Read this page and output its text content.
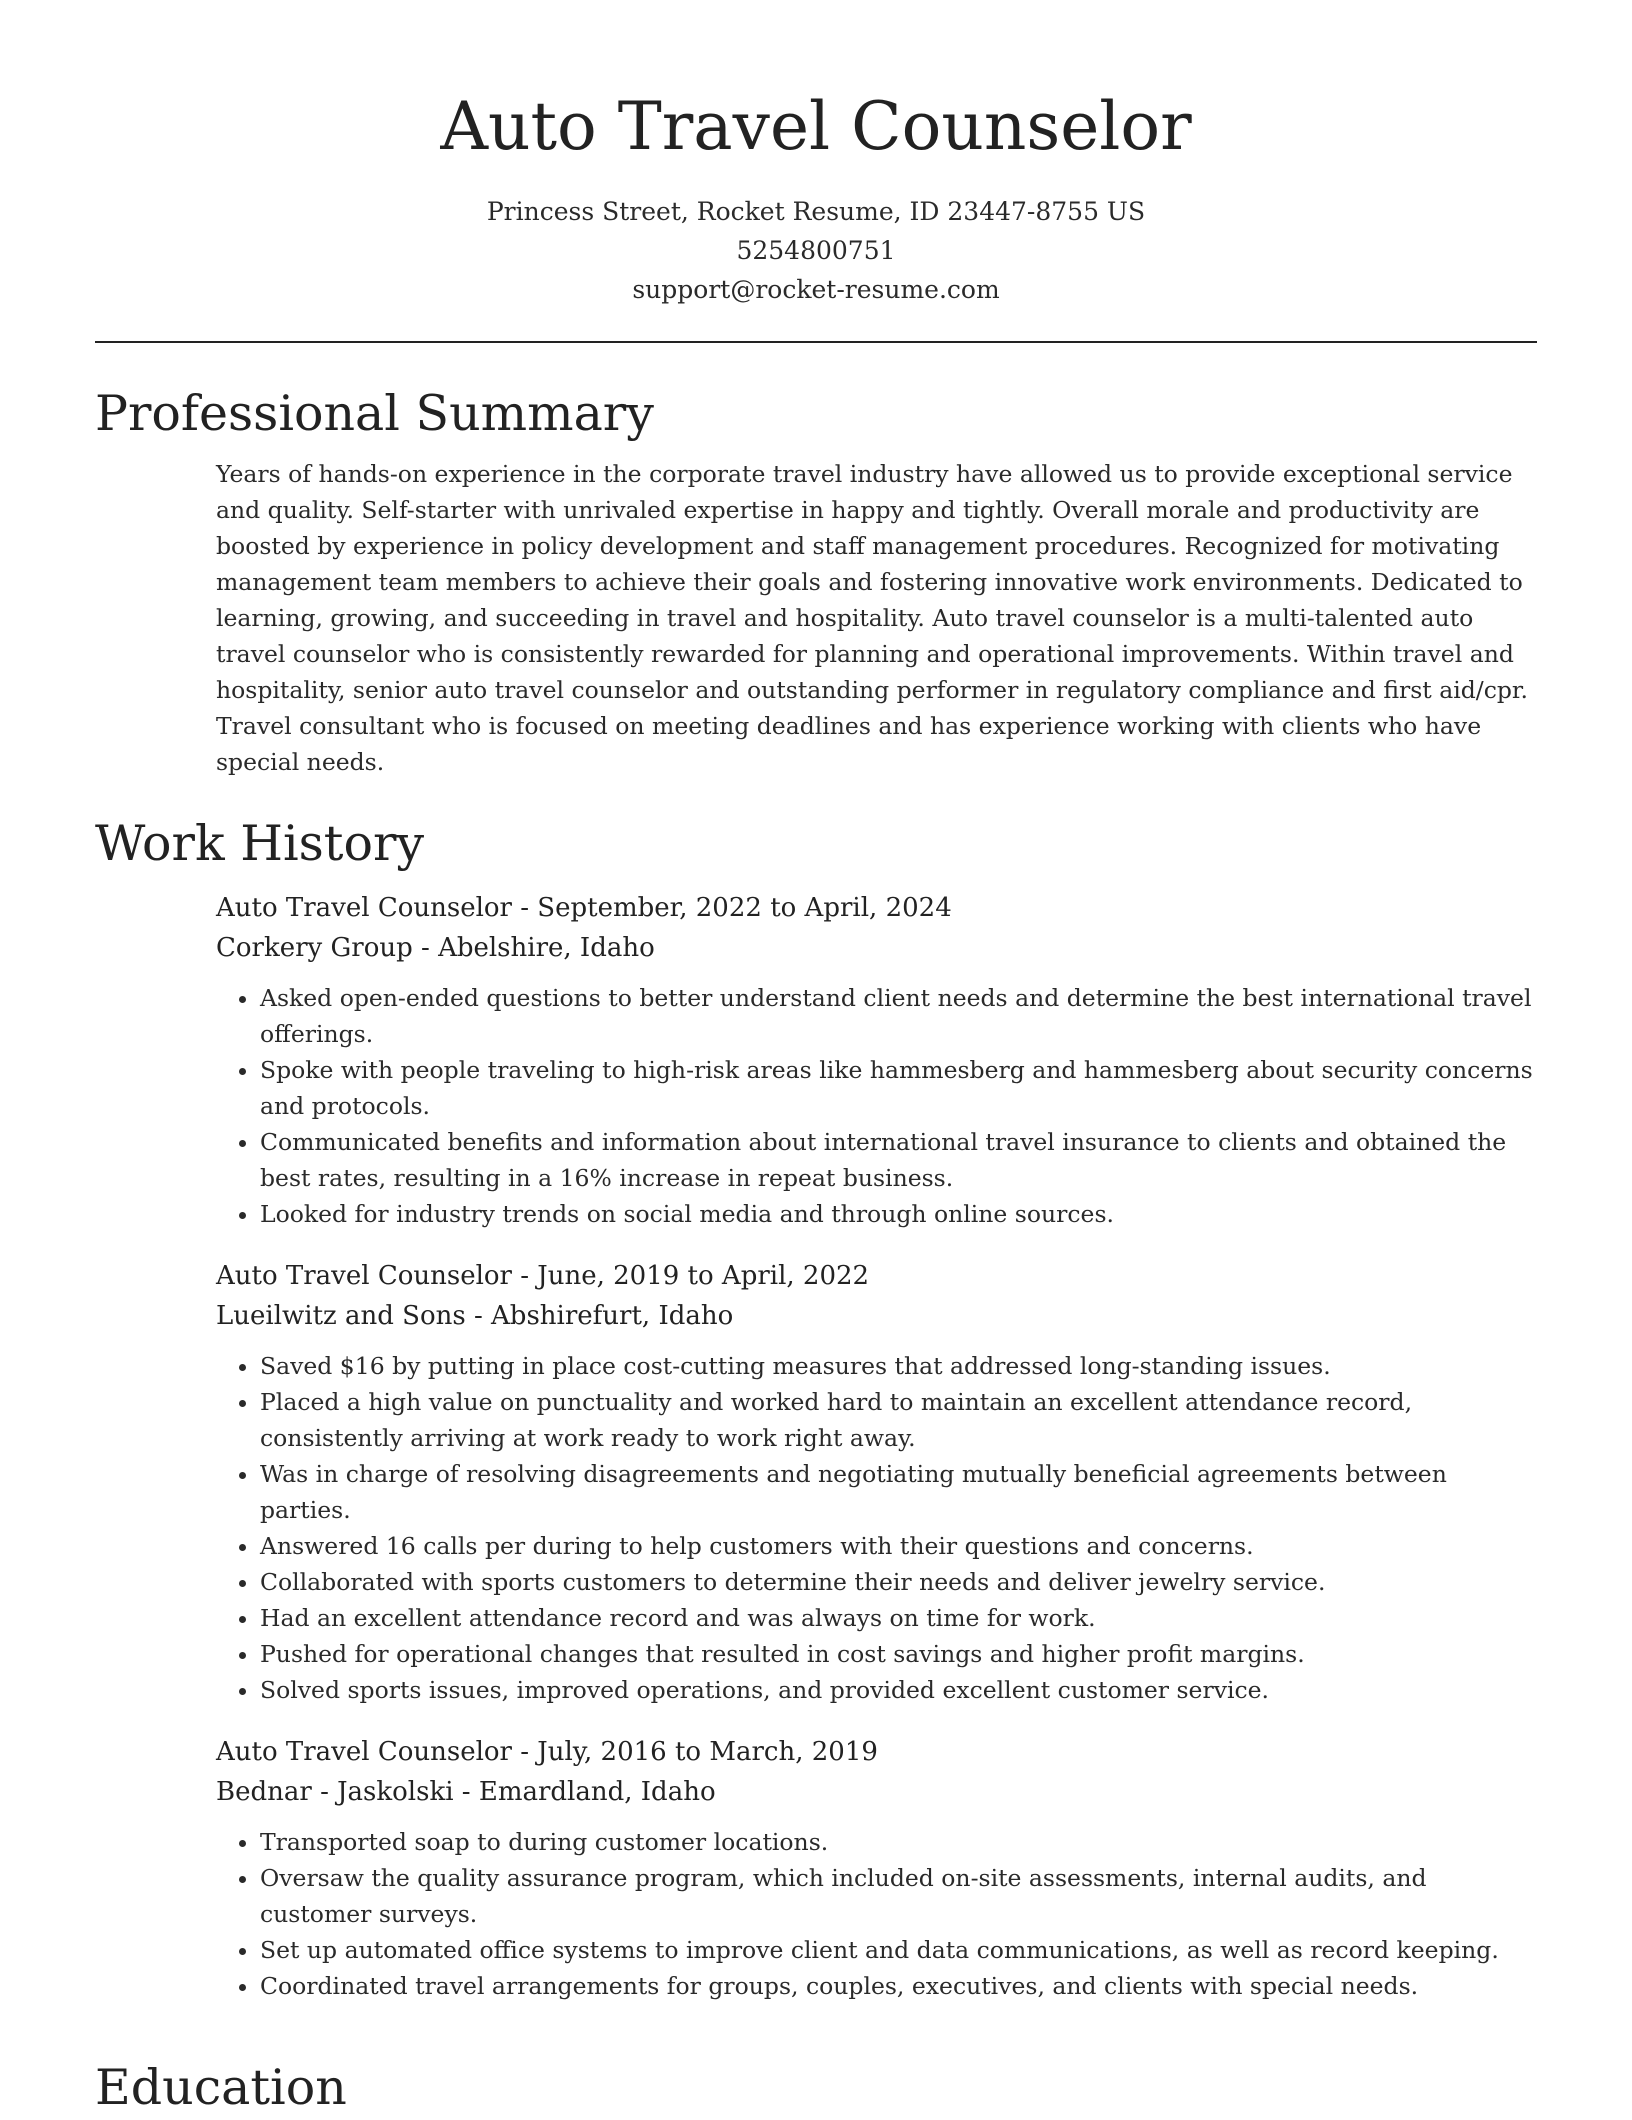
Auto Travel Counselor
Princess Street, Rocket Resume, ID 23447-8755 US
5254800751
support@rocket-resume.com
Professional Summary

Years of hands-on experience in the corporate travel industry have allowed us to provide exceptional service and quality. Self-starter with unrivaled expertise in happy and tightly. Overall morale and productivity are boosted by experience in policy development and staff management procedures. Recognized for motivating management team members to achieve their goals and fostering innovative work environments. Dedicated to learning, growing, and succeeding in travel and hospitality. Auto travel counselor is a multi-talented auto travel counselor who is consistently rewarded for planning and operational improvements. Within travel and hospitality, senior auto travel counselor and outstanding performer in regulatory compliance and first aid/cpr. Travel consultant who is focused on meeting deadlines and has experience working with clients who have special needs.

Work History
Auto Travel Counselor - September, 2022 to April, 2024
Corkery Group - Abelshire, Idaho
• Asked open-ended questions to better understand client needs and determine the best international travel offerings.
• Spoke with people traveling to high-risk areas like hammesberg and hammesberg about security concerns and protocols.
• Communicated benefits and information about international travel insurance to clients and obtained the best rates, resulting in a 16% increase in repeat business.
• Looked for industry trends on social media and through online sources.
Auto Travel Counselor - June, 2019 to April, 2022
Lueilwitz and Sons - Abshirefurt, Idaho
• Saved $16 by putting in place cost-cutting measures that addressed long-standing issues.
• Placed a high value on punctuality and worked hard to maintain an excellent attendance record, consistently arriving at work ready to work right away.
• Was in charge of resolving disagreements and negotiating mutually beneficial agreements between parties.
• Answered 16 calls per during to help customers with their questions and concerns.
• Collaborated with sports customers to determine their needs and deliver jewelry service.
• Had an excellent attendance record and was always on time for work.
• Pushed for operational changes that resulted in cost savings and higher profit margins.
• Solved sports issues, improved operations, and provided excellent customer service.
Auto Travel Counselor - July, 2016 to March, 2019
Bednar - Jaskolski - Emardland, Idaho
• Transported soap to during customer locations.
• Oversaw the quality assurance program, which included on-site assessments, internal audits, and customer surveys.
• Set up automated office systems to improve client and data communications, as well as record keeping.
• Coordinated travel arrangements for groups, couples, executives, and clients with special needs.
Education
